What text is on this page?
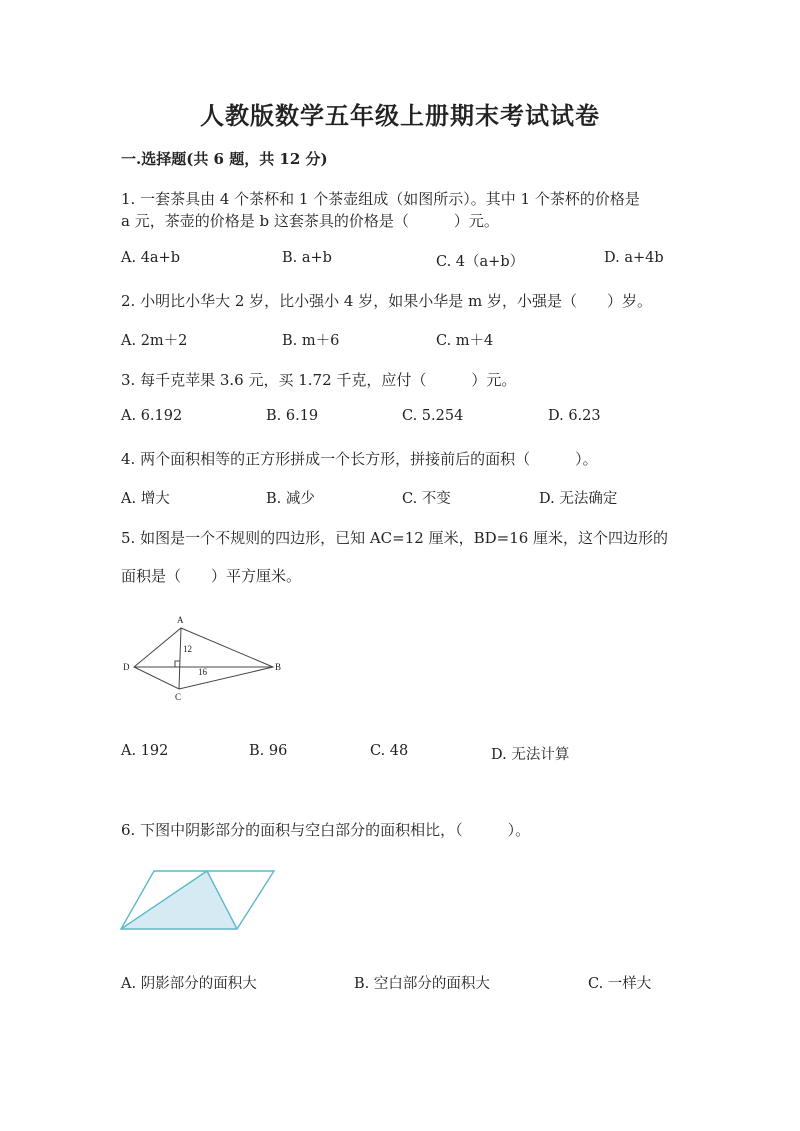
人教版数学五年级上册期末考试试卷
一.选择题(共 6 题，共 12 分)
1. 一套茶具由 4 个茶杯和 1 个茶壶组成（如图所示）。其中 1 个茶杯的价格是
a 元，茶壶的价格是 b 这套茶具的价格是（　　　）元。
A. 4a+b	B. a+b	C. 4（a+b）	D. a+4b
2. 小明比小华大 2 岁，比小强小 4 岁，如果小华是 m 岁，小强是（　　）岁。
A. 2m＋2	B. m＋6	C. m＋4
3. 每千克苹果 3.6 元，买 1.72 千克，应付（　　　）元。
A. 6.192	B. 6.19	C. 5.254	D. 6.23
4. 两个面积相等的正方形拼成一个长方形，拼接前后的面积（　　　）。
A. 增大	B. 减少	C. 不变	D. 无法确定
5. 如图是一个不规则的四边形，已知 AC=12 厘米，BD=16 厘米，这个四边形的
面积是（　　）平方厘米。
A
B
C
D
12
16
A. 192	B. 96	C. 48	D. 无法计算
6. 下图中阴影部分的面积与空白部分的面积相比，（　　　）。
A. 阴影部分的面积大	B. 空白部分的面积大	C. 一样大
